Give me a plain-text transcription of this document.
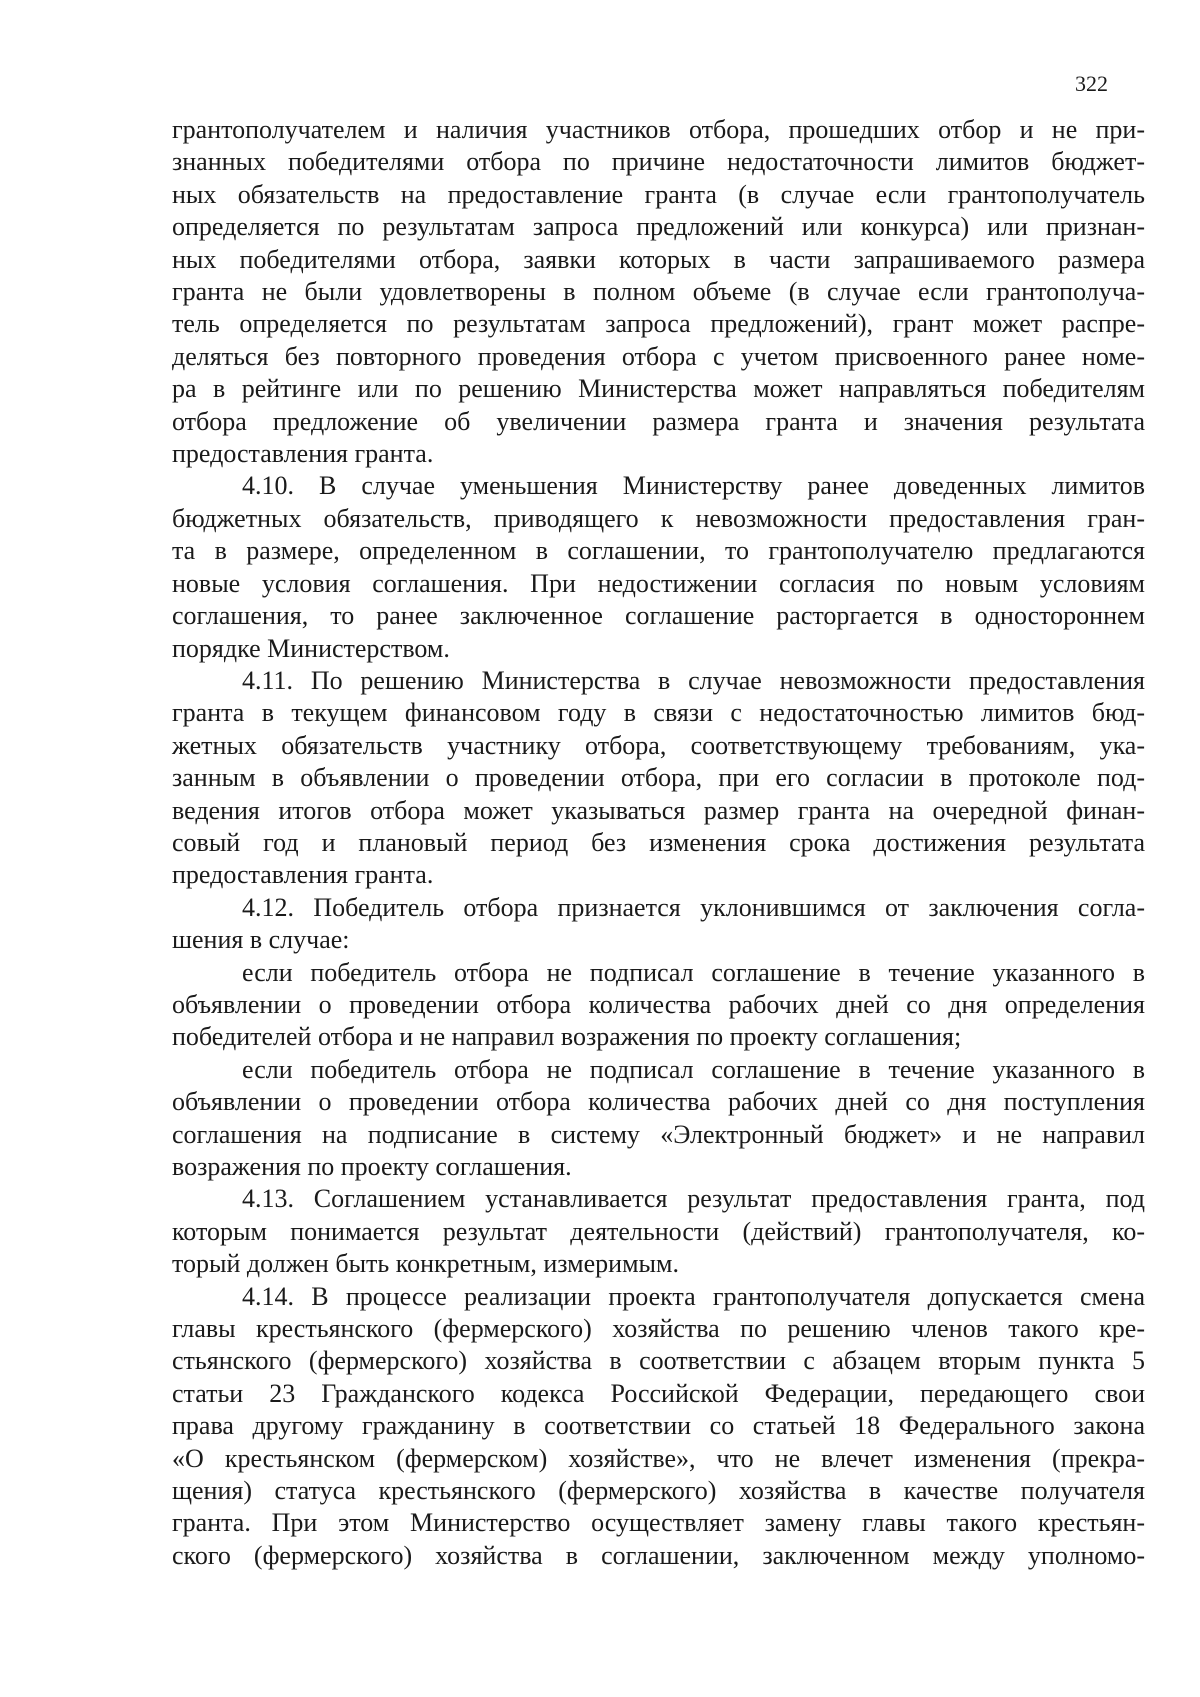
322
грантополучателем и наличия участников отбора, прошедших отбор и не при-
знанных победителями отбора по причине недостаточности лимитов бюджет-
ных обязательств на предоставление гранта (в случае если грантополучатель
определяется по результатам запроса предложений или конкурса) или признан-
ных победителями отбора, заявки которых в части запрашиваемого размера
гранта не были удовлетворены в полном объеме (в случае если грантополуча-
тель определяется по результатам запроса предложений), грант может распре-
деляться без повторного проведения отбора с учетом присвоенного ранее номе-
ра в рейтинге или по решению Министерства может направляться победителям
отбора предложение об увеличении размера гранта и значения результата
предоставления гранта.
4.10. В случае уменьшения Министерству ранее доведенных лимитов
бюджетных обязательств, приводящего к невозможности предоставления гран-
та в размере, определенном в соглашении, то грантополучателю предлагаются
новые условия соглашения. При недостижении согласия по новым условиям
соглашения, то ранее заключенное соглашение расторгается в одностороннем
порядке Министерством.
4.11. По решению Министерства в случае невозможности предоставления
гранта в текущем финансовом году в связи с недостаточностью лимитов бюд-
жетных обязательств участнику отбора, соответствующему требованиям, ука-
занным в объявлении о проведении отбора, при его согласии в протоколе под-
ведения итогов отбора может указываться размер гранта на очередной финан-
совый год и плановый период без изменения срока достижения результата
предоставления гранта.
4.12. Победитель отбора признается уклонившимся от заключения согла-
шения в случае:
если победитель отбора не подписал соглашение в течение указанного в
объявлении о проведении отбора количества рабочих дней со дня определения
победителей отбора и не направил возражения по проекту соглашения;
если победитель отбора не подписал соглашение в течение указанного в
объявлении о проведении отбора количества рабочих дней со дня поступления
соглашения на подписание в систему «Электронный бюджет» и не направил
возражения по проекту соглашения.
4.13. Соглашением устанавливается результат предоставления гранта, под
которым понимается результат деятельности (действий) грантополучателя, ко-
торый должен быть конкретным, измеримым.
4.14. В процессе реализации проекта грантополучателя допускается смена
главы крестьянского (фермерского) хозяйства по решению членов такого кре-
стьянского (фермерского) хозяйства в соответствии с абзацем вторым пункта 5
статьи 23 Гражданского кодекса Российской Федерации, передающего свои
права другому гражданину в соответствии со статьей 18 Федерального закона
«О крестьянском (фермерском) хозяйстве», что не влечет изменения (прекра-
щения) статуса крестьянского (фермерского) хозяйства в качестве получателя
гранта. При этом Министерство осуществляет замену главы такого крестьян-
ского (фермерского) хозяйства в соглашении, заключенном между уполномо-
